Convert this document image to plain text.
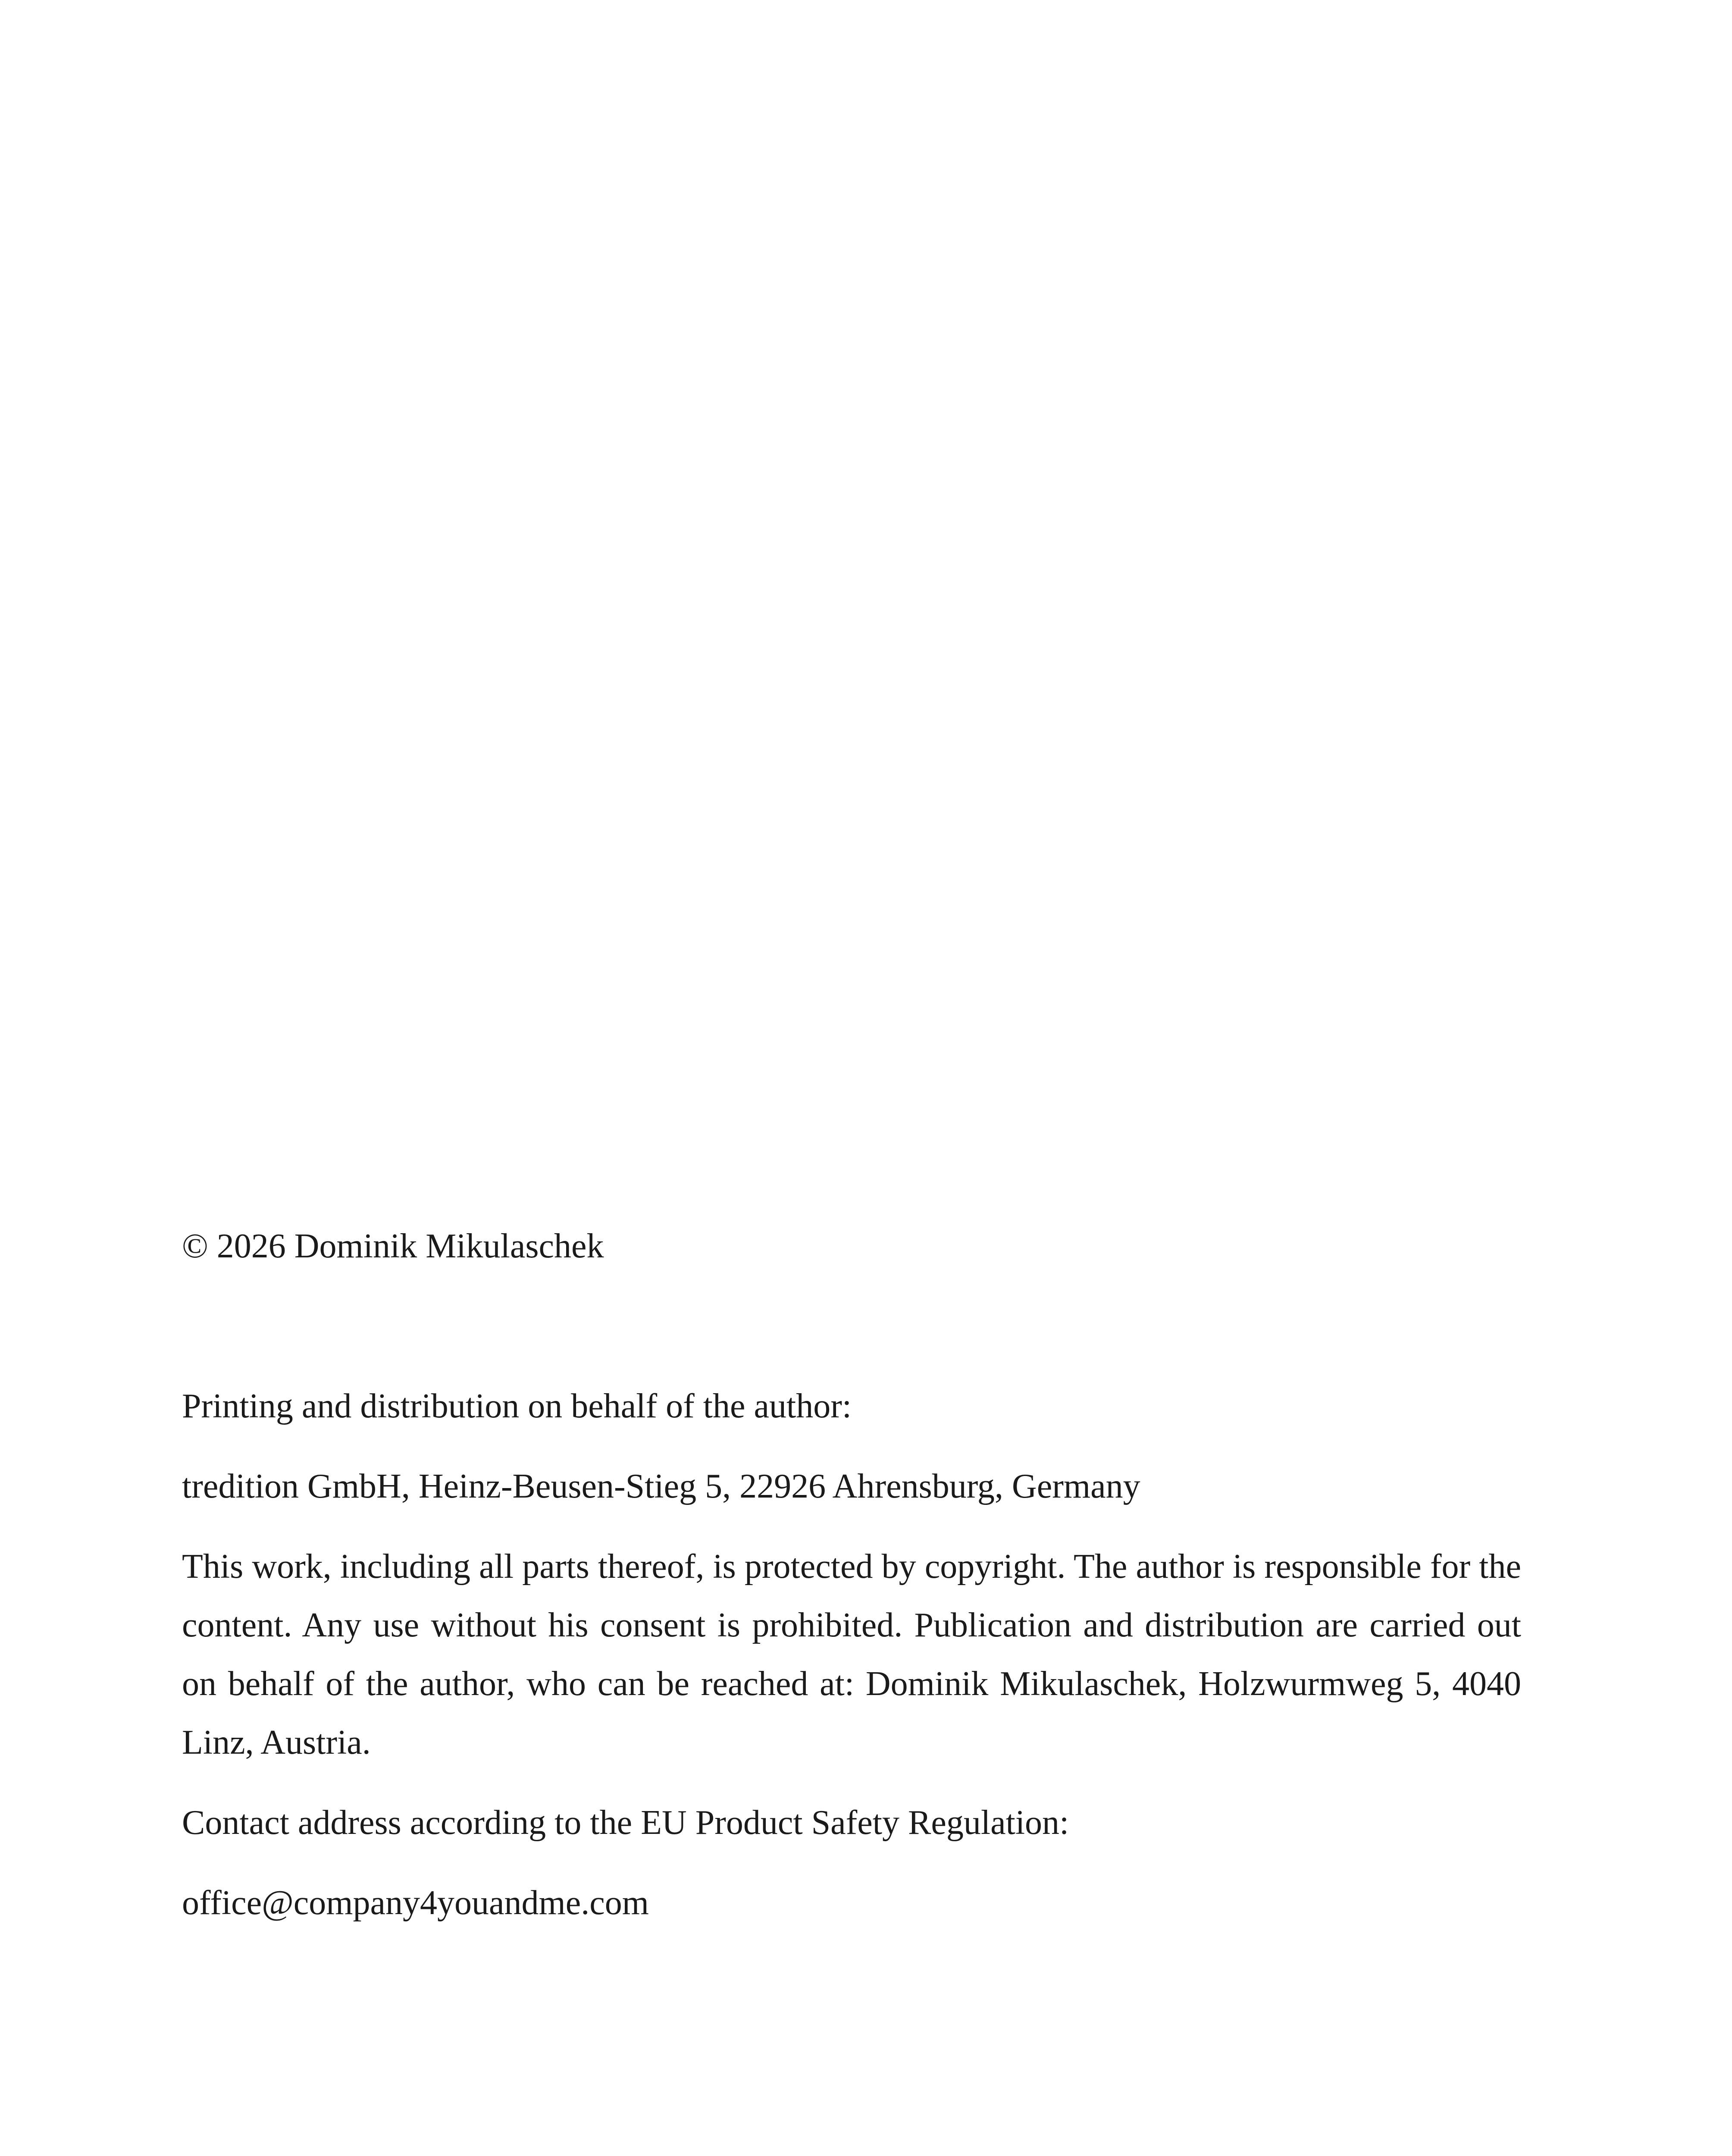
© 2026 Dominik Mikulaschek

Printing and distribution on behalf of the author:

tredition GmbH, Heinz-Beusen-Stieg 5, 22926 Ahrensburg, Germany

This work, including all parts thereof, is protected by copyright. The author is responsible for the content. Any use without his consent is prohibited. Publication and distribution are carried out on behalf of the author, who can be reached at: Dominik Mikulaschek, Holzwurmweg 5, 4040 Linz, Austria.

Contact address according to the EU Product Safety Regulation:

office@company4youandme.com
